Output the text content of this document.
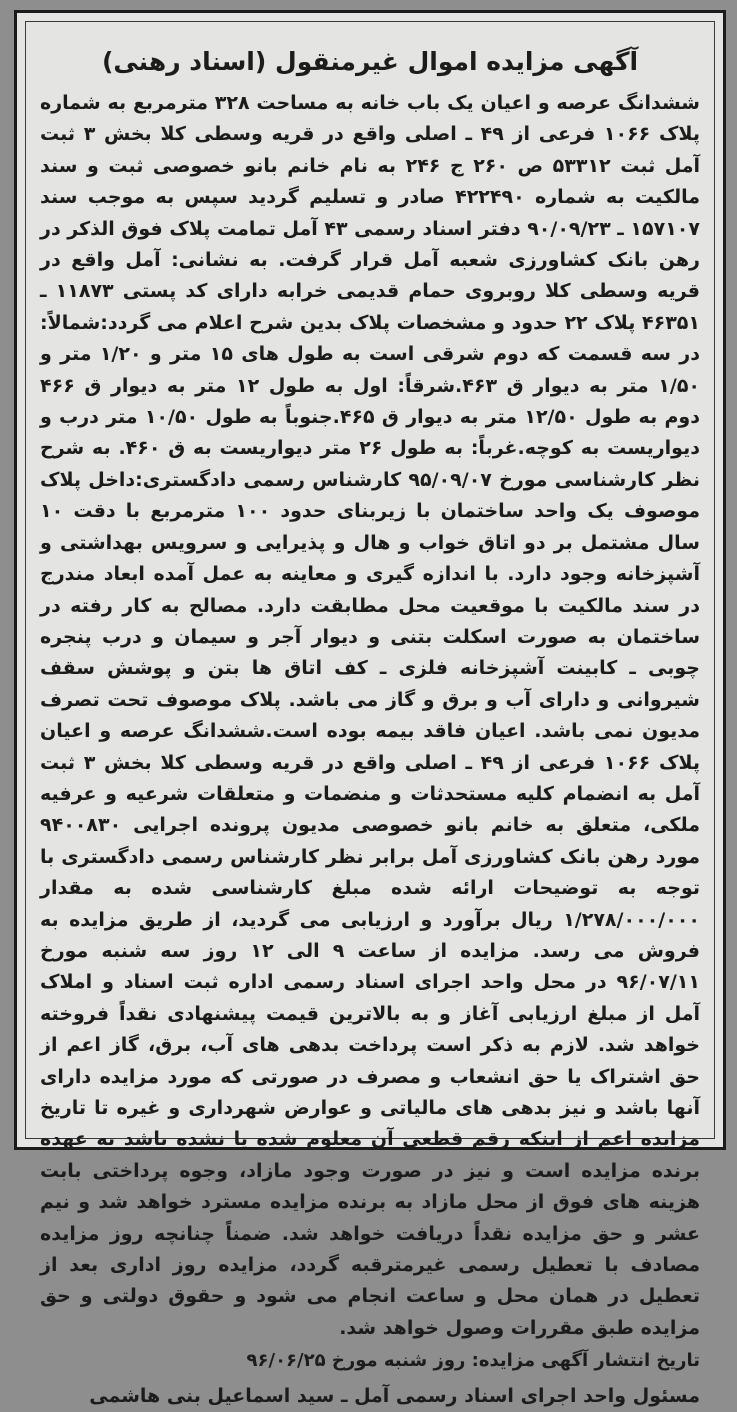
آگهی مزایده اموال غیرمنقول (اسناد رهنی)

ششدانگ عرصه و اعیان یک باب خانه به مساحت ۳۲۸ مترمربع به شماره پلاک ۱۰۶۶ فرعی از ۴۹ ـ اصلی واقع در قریه وسطی کلا بخش ۳ ثبت آمل ثبت ۵۳۳۱۲ ص ۲۶۰ ج ۲۴۶ به نام خانم بانو خصوصی ثبت و سند مالکیت به شماره ۴۲۲۴۹۰ صادر و تسلیم گردید سپس به موجب سند ۱۵۷۱۰۷ ـ ۹۰/۰۹/۲۳ دفتر اسناد رسمی ۴۳ آمل تمامت پلاک فوق الذکر در رهن بانک کشاورزی شعبه آمل قرار گرفت. به نشانی: آمل واقع در قریه وسطی کلا روبروی حمام قدیمی خرابه دارای کد پستی ۱۱۸۷۳ ـ ۴۶۳۵۱ پلاک ۲۲ حدود و مشخصات پلاک بدین شرح اعلام می گردد:شمالاً: در سه قسمت که دوم شرقی است به طول های ۱۵ متر و ۱/۲۰ متر و ۱/۵۰ متر به دیوار ق ۴۶۳.شرقاً: اول به طول ۱۲ متر به دیوار ق ۴۶۶ دوم به طول ۱۲/۵۰ متر به دیوار ق ۴۶۵.جنوباً به طول ۱۰/۵۰ متر درب و دیواریست به کوچه.غرباً: به طول ۲۶ متر دیواریست به ق ۴۶۰. به شرح نظر کارشناسی مورخ ۹۵/۰۹/۰۷ کارشناس رسمی دادگستری:داخل پلاک موصوف یک واحد ساختمان با زیربنای حدود ۱۰۰ مترمربع با دقت ۱۰ سال مشتمل بر دو اتاق خواب و هال و پذیرایی و سرویس بهداشتی و آشپزخانه وجود دارد. با اندازه گیری و معاینه به عمل آمده ابعاد مندرج در سند مالکیت با موقعیت محل مطابقت دارد. مصالح به کار رفته در ساختمان به صورت اسکلت بتنی و دیوار آجر و سیمان و درب پنجره چوبی ـ کابینت آشپزخانه فلزی ـ کف اتاق ها بتن و پوشش سقف شیروانی و دارای آب و برق و گاز می باشد. پلاک موصوف تحت تصرف مدیون نمی باشد. اعیان فاقد بیمه بوده است.ششدانگ عرصه و اعیان پلاک ۱۰۶۶ فرعی از ۴۹ ـ اصلی واقع در قریه وسطی کلا بخش ۳ ثبت آمل به انضمام کلیه مستحدثات و منضمات و متعلقات شرعیه و عرفیه ملکی، متعلق به خانم بانو خصوصی مدیون پرونده اجرایی ۹۴۰۰۸۳۰ مورد رهن بانک کشاورزی آمل برابر نظر کارشناس رسمی دادگستری با توجه به توضیحات ارائه شده مبلغ کارشناسی شده به مقدار ۱/۲۷۸/۰۰۰/۰۰۰ ریال برآورد و ارزیابی می گردید، از طریق مزایده به فروش می رسد. مزایده از ساعت ۹ الی ۱۲ روز سه شنبه مورخ ۹۶/۰۷/۱۱ در محل واحد اجرای اسناد رسمی اداره ثبت اسناد و املاک آمل از مبلغ ارزیابی آغاز و به بالاترین قیمت پیشنهادی نقداً فروخته خواهد شد. لازم به ذکر است پرداخت بدهی های آب، برق، گاز اعم از حق اشتراک یا حق انشعاب و مصرف در صورتی که مورد مزایده دارای آنها باشد و نیز بدهی های مالیاتی و عوارض شهرداری و غیره تا تاریخ مزایده اعم از اینکه رقم قطعی آن معلوم شده یا نشده باشد به عهده برنده مزایده است و نیز در صورت وجود مازاد، وجوه پرداختی بابت هزینه های فوق از محل مازاد به برنده مزایده مسترد خواهد شد و نیم عشر و حق مزایده نقداً دریافت خواهد شد. ضمناً چنانچه روز مزایده مصادف با تعطیل رسمی غیرمترقبه گردد، مزایده روز اداری بعد از تعطیل در همان محل و ساعت انجام می شود و حقوق دولتی و حق مزایده طبق مقررات وصول خواهد شد.

تاریخ انتشار آگهی مزایده: روز شنبه مورخ ۹۶/۰۶/۲۵
مسئول واحد اجرای اسناد رسمی آمل ـ سید اسماعیل بنی هاشمی
